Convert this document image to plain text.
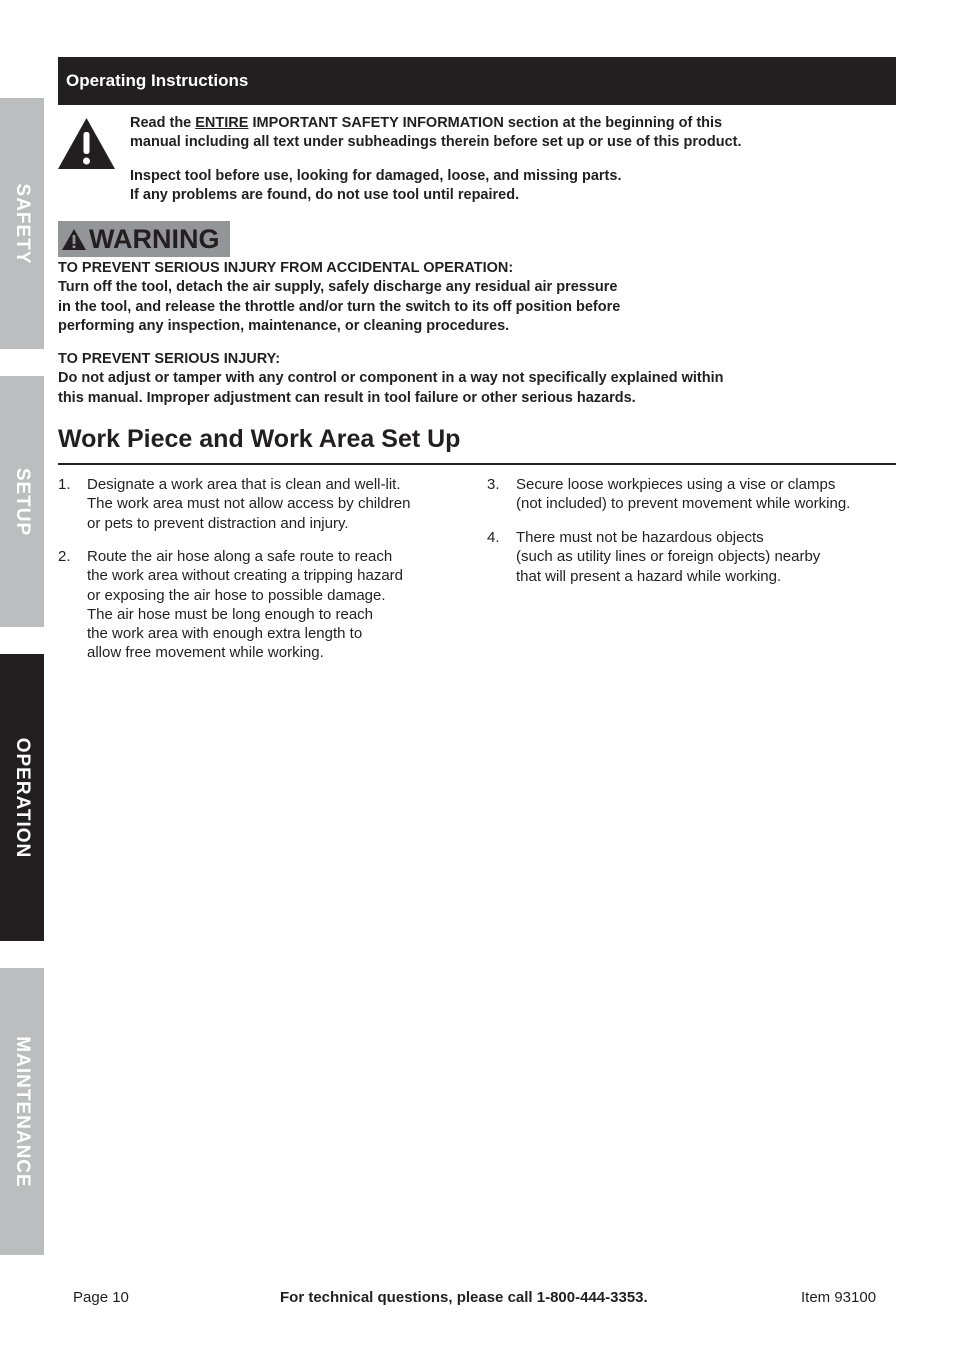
SAFETY
SETUP
OPERATION
MAINTENANCE
Operating Instructions

Read the ENTIRE IMPORTANT SAFETY INFORMATION section at the beginning of this

manual including all text under subheadings therein before set up or use of this product.

Inspect tool before use, looking for damaged, loose, and missing parts.

If any problems are found, do not use tool until repaired.

WARNING

TO PREVENT SERIOUS INJURY FROM ACCIDENTAL OPERATION:

Turn off the tool, detach the air supply, safely discharge any residual air pressure

in the tool, and release the throttle and/or turn the switch to its off position before

performing any inspection, maintenance, or cleaning procedures.

TO PREVENT SERIOUS INJURY:

Do not adjust or tamper with any control or component in a way not specifically explained within

this manual. Improper adjustment can result in tool failure or other serious hazards.

Work Piece and Work Area Set Up
1. Designate a work area that is clean and well-lit.
The work area must not allow access by children
or pets to prevent distraction and injury.
2. Route the air hose along a safe route to reach
the work area without creating a tripping hazard
or exposing the air hose to possible damage.
The air hose must be long enough to reach
the work area with enough extra length to
allow free movement while working.
3. Secure loose workpieces using a vise or clamps
(not included) to prevent movement while working.
4. There must not be hazardous objects
(such as utility lines or foreign objects) nearby
that will present a hazard while working.
Page 10	For technical questions, please call 1-800-444-3353.	Item 93100
